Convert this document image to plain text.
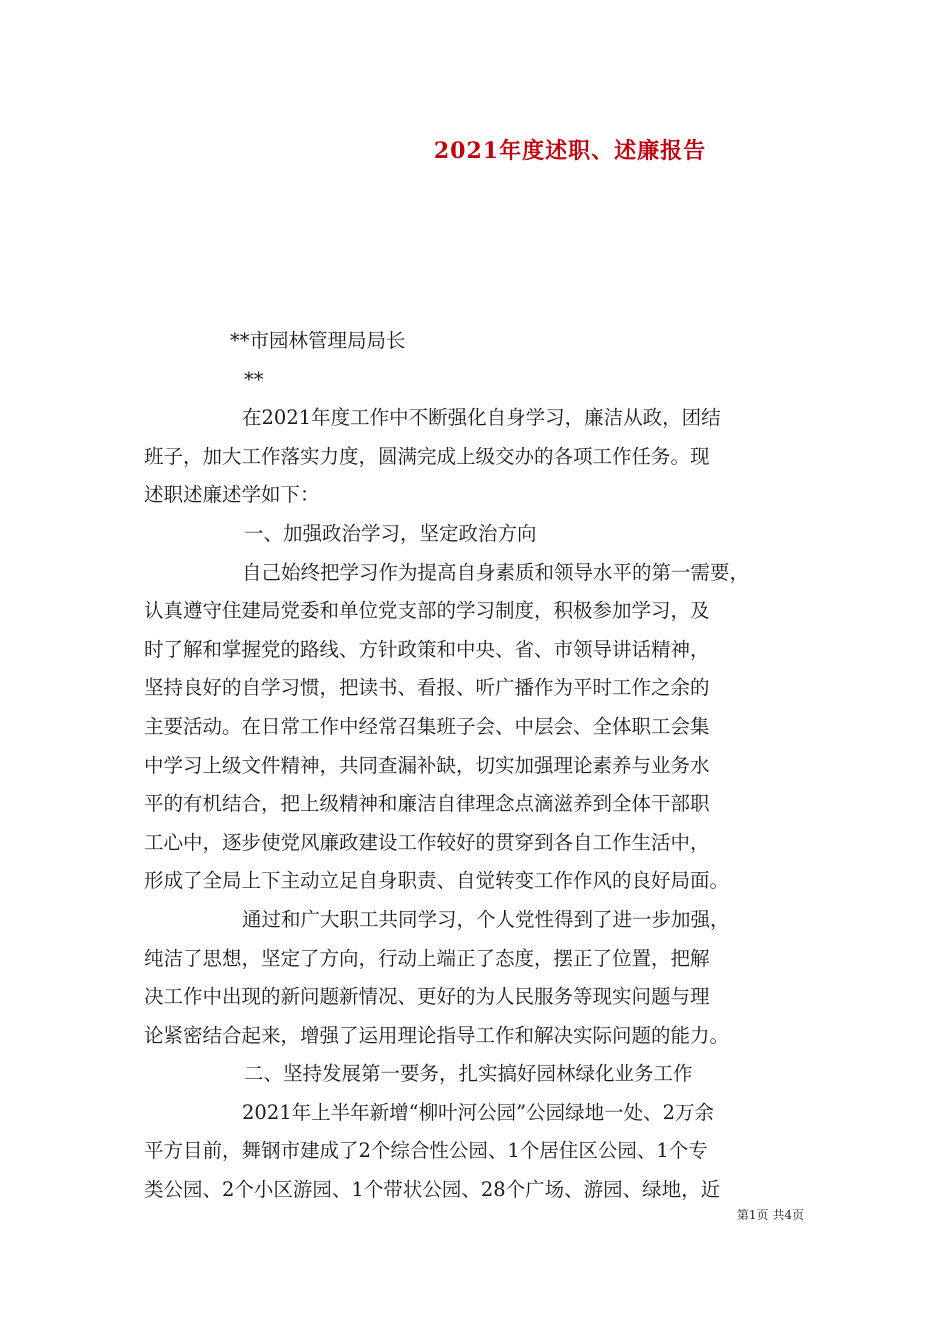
2021年度述职、述廉报告
**市园林管理局局长
**
在2021年度工作中不断强化自身学习，廉洁从政，团结
班子，加大工作落实力度，圆满完成上级交办的各项工作任务。现
述职述廉述学如下：
一、加强政治学习，坚定政治方向
自己始终把学习作为提高自身素质和领导水平的第一需要，
认真遵守住建局党委和单位党支部的学习制度，积极参加学习，及
时了解和掌握党的路线、方针政策和中央、省、市领导讲话精神，
坚持良好的自学习惯，把读书、看报、听广播作为平时工作之余的
主要活动。在日常工作中经常召集班子会、中层会、全体职工会集
中学习上级文件精神，共同查漏补缺，切实加强理论素养与业务水
平的有机结合，把上级精神和廉洁自律理念点滴滋养到全体干部职
工心中，逐步使党风廉政建设工作较好的贯穿到各自工作生活中，
形成了全局上下主动立足自身职责、自觉转变工作作风的良好局面。
通过和广大职工共同学习，个人党性得到了进一步加强，
纯洁了思想，坚定了方向，行动上端正了态度，摆正了位置，把解
决工作中出现的新问题新情况、更好的为人民服务等现实问题与理
论紧密结合起来，增强了运用理论指导工作和解决实际问题的能力。
二、坚持发展第一要务，扎实搞好园林绿化业务工作
2021年上半年新增“柳叶河公园”公园绿地一处、2万余
平方目前，舞钢市建成了2个综合性公园、1个居住区公园、1个专
类公园、2个小区游园、1个带状公园、28个广场、游园、绿地，近
第1页 共4页
